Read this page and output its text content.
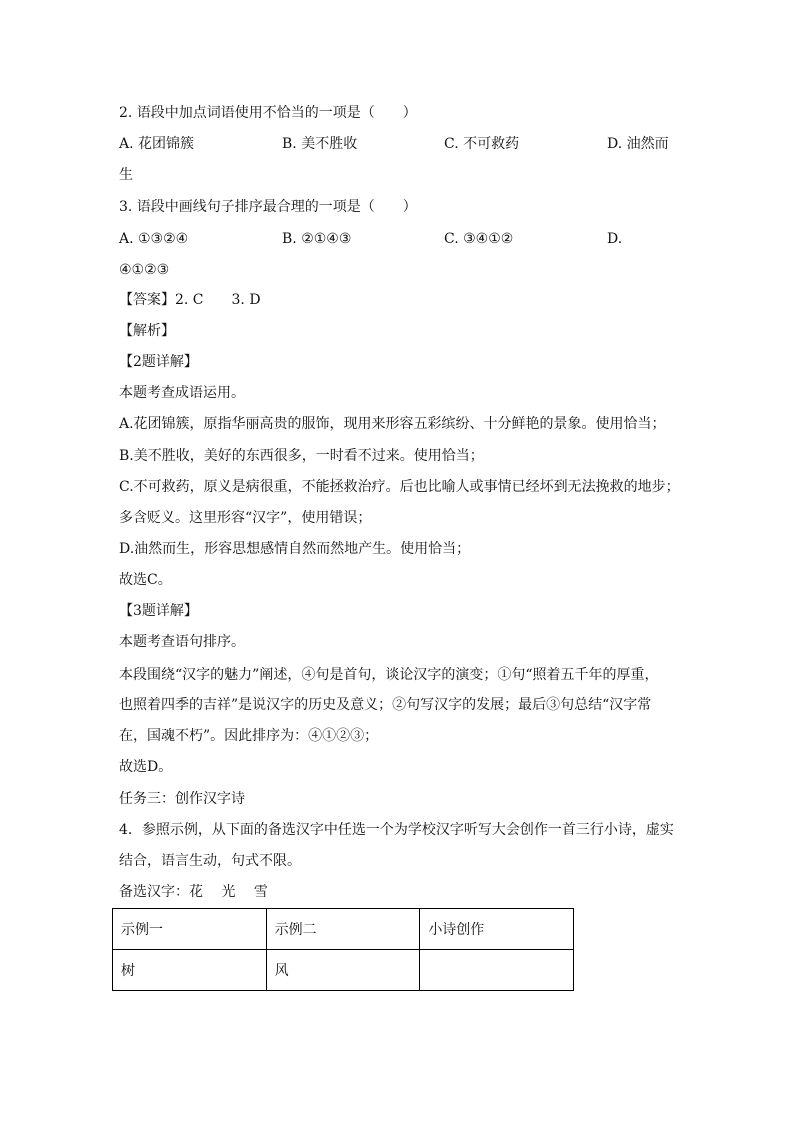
2. 语段中加点词语使用不恰当的一项是（　　）
A. 花团锦簇	B. 美不胜收	C. 不可救药	D. 油然而
生
3. 语段中画线句子排序最合理的一项是（　　）
A. ①③②④	B. ②①④③	C. ③④①②	D.
④①②③
【答案】2. C　　3. D
【解析】
【2题详解】
本题考查成语运用。
A.花团锦簇，原指华丽高贵的服饰，现用来形容五彩缤纷、十分鲜艳的景象。使用恰当；
B.美不胜收，美好的东西很多，一时看不过来。使用恰当；
C.不可救药，原义是病很重，不能拯救治疗。后也比喻人或事情已经坏到无法挽救的地步；
多含贬义。这里形容“汉字”，使用错误；
D.油然而生，形容思想感情自然而然地产生。使用恰当；
故选C。
【3题详解】
本题考查语句排序。
本段围绕“汉字的魅力”阐述，④句是首句，谈论汉字的演变；①句“照着五千年的厚重，
也照着四季的吉祥”是说汉字的历史及意义；②句写汉字的发展；最后③句总结“汉字常
在，国魂不朽”。因此排序为：④①②③；
故选D。
任务三：创作汉字诗
4．参照示例，从下面的备选汉字中任选一个为学校汉字听写大会创作一首三行小诗，虚实
结合，语言生动，句式不限。
备选汉字：花　 光　 雪
示例一	示例二	小诗创作
树	风	
